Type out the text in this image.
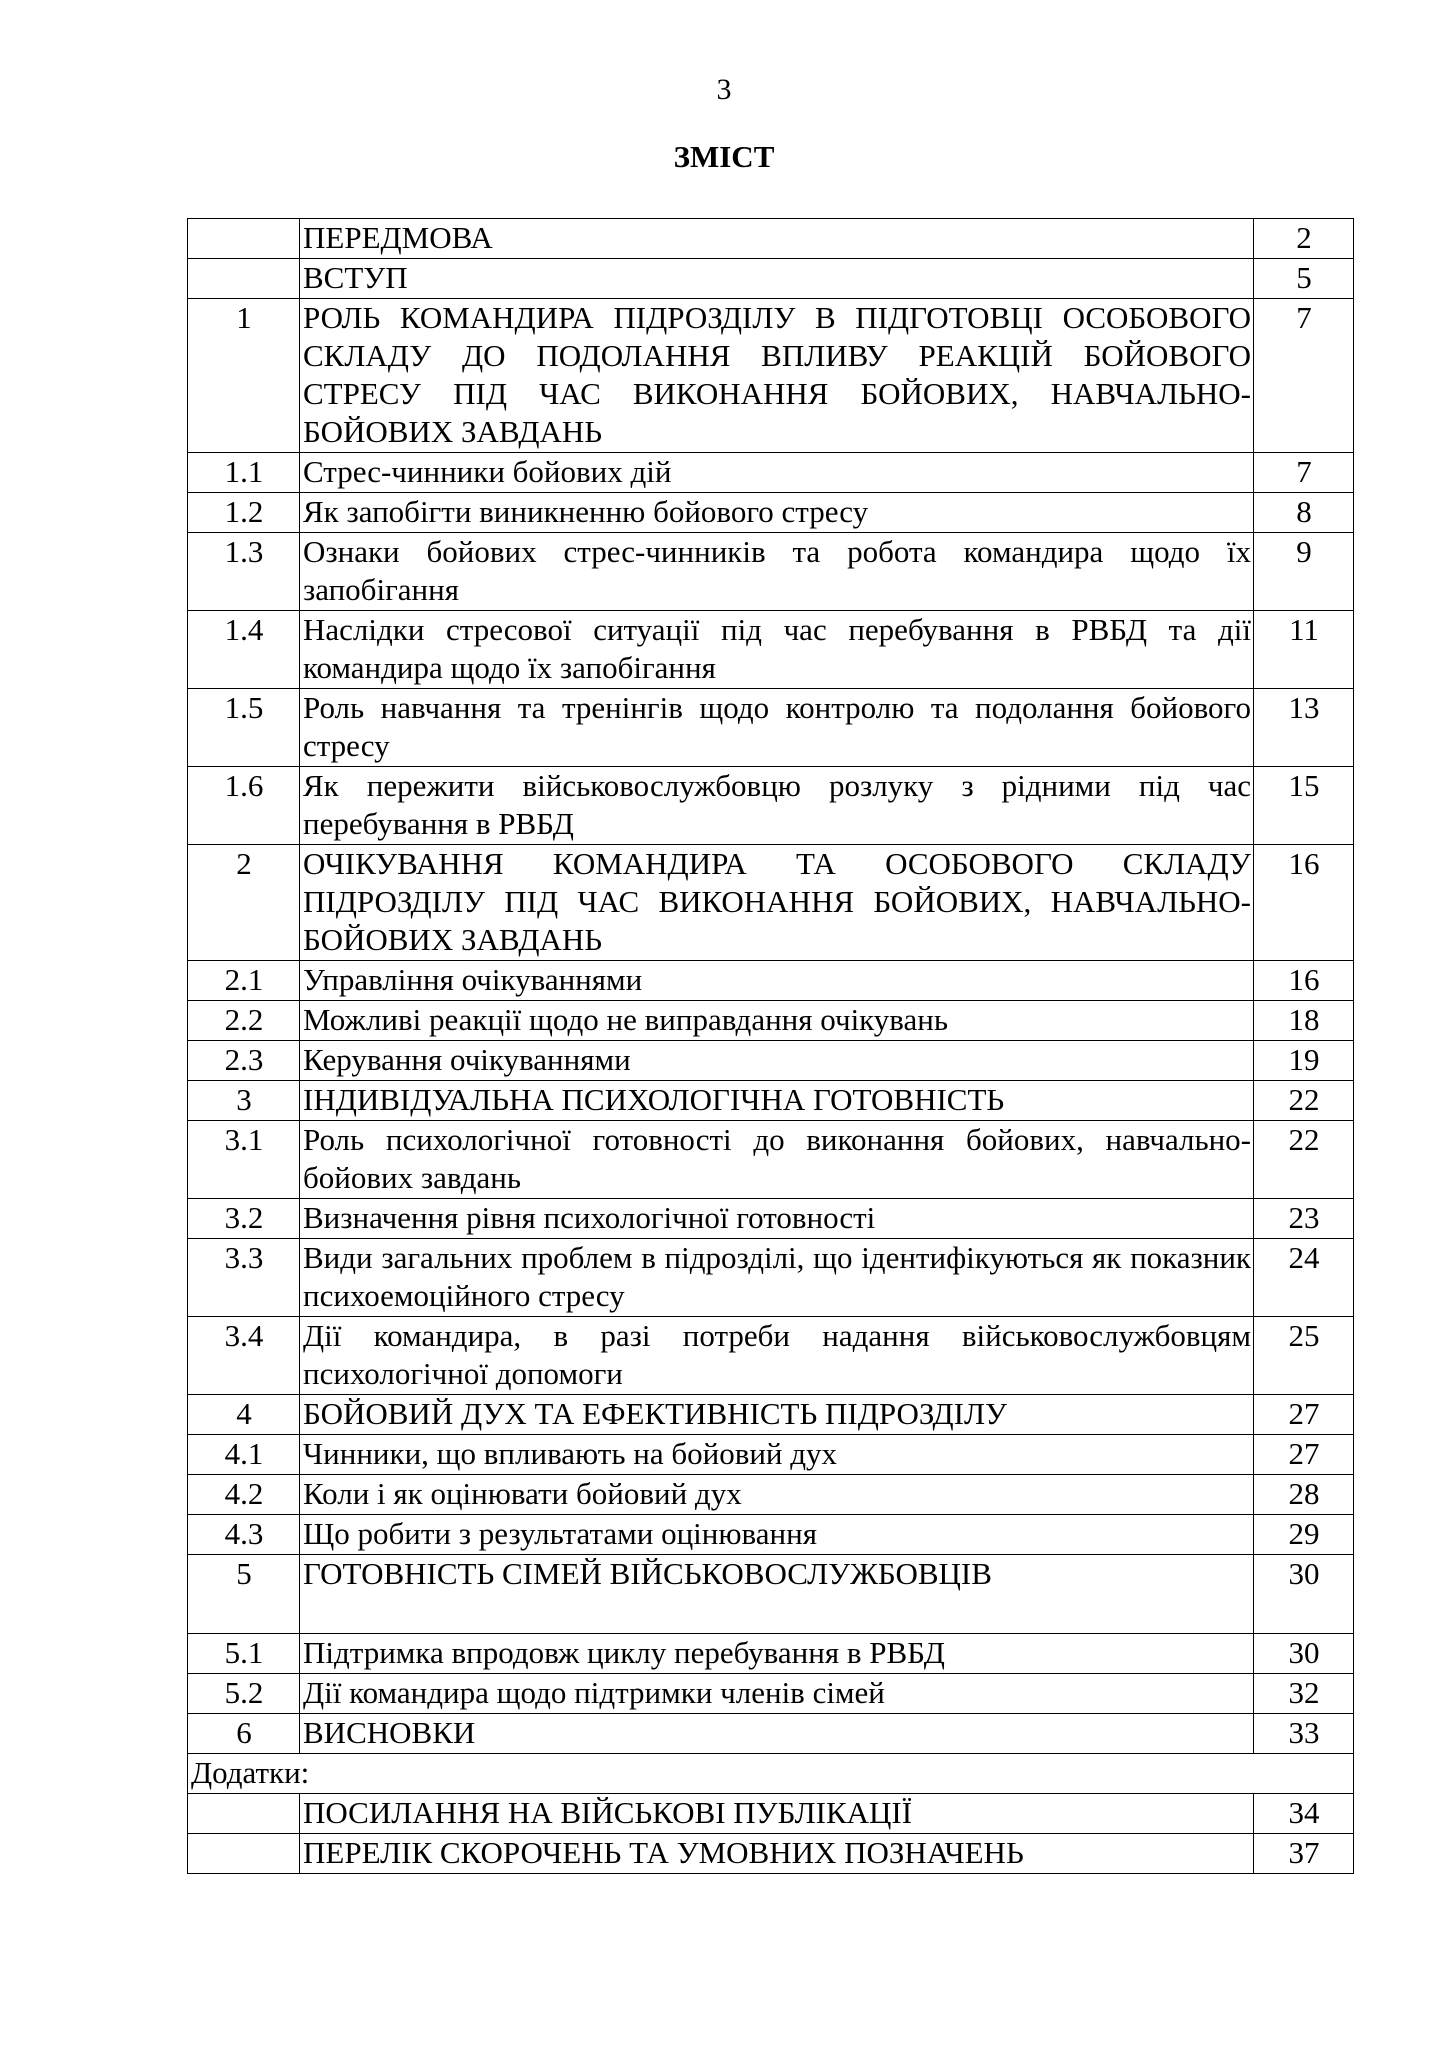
3
ЗМІСТ
	ПЕРЕДМОВА	2
	ВСТУП	5
1	РОЛЬ КОМАНДИРА ПІДРОЗДІЛУ В ПІДГОТОВЦІ ОСОБОВОГО СКЛАДУ ДО ПОДОЛАННЯ ВПЛИВУ РЕАКЦІЙ БОЙОВОГО СТРЕСУ ПІД ЧАС ВИКОНАННЯ БОЙОВИХ, НАВЧАЛЬНО-БОЙОВИХ ЗАВДАНЬ	7
1.1	Стрес-чинники бойових дій	7
1.2	Як запобігти виникненню бойового стресу	8
1.3	Ознаки бойових стрес-чинників та робота командира щодо їх запобігання	9
1.4	Наслідки стресової ситуації під час перебування в РВБД та дії командира щодо їх запобігання	11
1.5	Роль навчання та тренінгів щодо контролю та подолання бойового стресу	13
1.6	Як пережити військовослужбовцю розлуку з рідними під час перебування в РВБД	15
2	ОЧІКУВАННЯ КОМАНДИРА ТА ОСОБОВОГО СКЛАДУ ПІДРОЗДІЛУ ПІД ЧАС ВИКОНАННЯ БОЙОВИХ, НАВЧАЛЬНО-БОЙОВИХ ЗАВДАНЬ	16
2.1	Управління очікуваннями	16
2.2	Можливі реакції щодо не виправдання очікувань	18
2.3	Керування очікуваннями	19
3	ІНДИВІДУАЛЬНА ПСИХОЛОГІЧНА ГОТОВНІСТЬ	22
3.1	Роль психологічної готовності до виконання бойових, навчально-бойових завдань	22
3.2	Визначення рівня психологічної готовності	23
3.3	Види загальних проблем в підрозділі, що ідентифікуються як показник психоемоційного стресу	24
3.4	Дії командира, в разі потреби надання військовослужбовцям психологічної допомоги	25
4	БОЙОВИЙ ДУХ ТА ЕФЕКТИВНІСТЬ ПІДРОЗДІЛУ	27
4.1	Чинники, що впливають на бойовий дух	27
4.2	Коли і як оцінювати бойовий дух	28
4.3	Що робити з результатами оцінювання	29
5	ГОТОВНІСТЬ СІМЕЙ ВІЙСЬКОВОСЛУЖБОВЦІВ	30
5.1	Підтримка впродовж циклу перебування в РВБД	30
5.2	Дії командира щодо підтримки членів сімей	32
6	ВИСНОВКИ	33
Додатки:		
	ПОСИЛАННЯ НА ВІЙСЬКОВІ ПУБЛІКАЦІЇ	34
	ПЕРЕЛІК СКОРОЧЕНЬ ТА УМОВНИХ ПОЗНАЧЕНЬ	37
